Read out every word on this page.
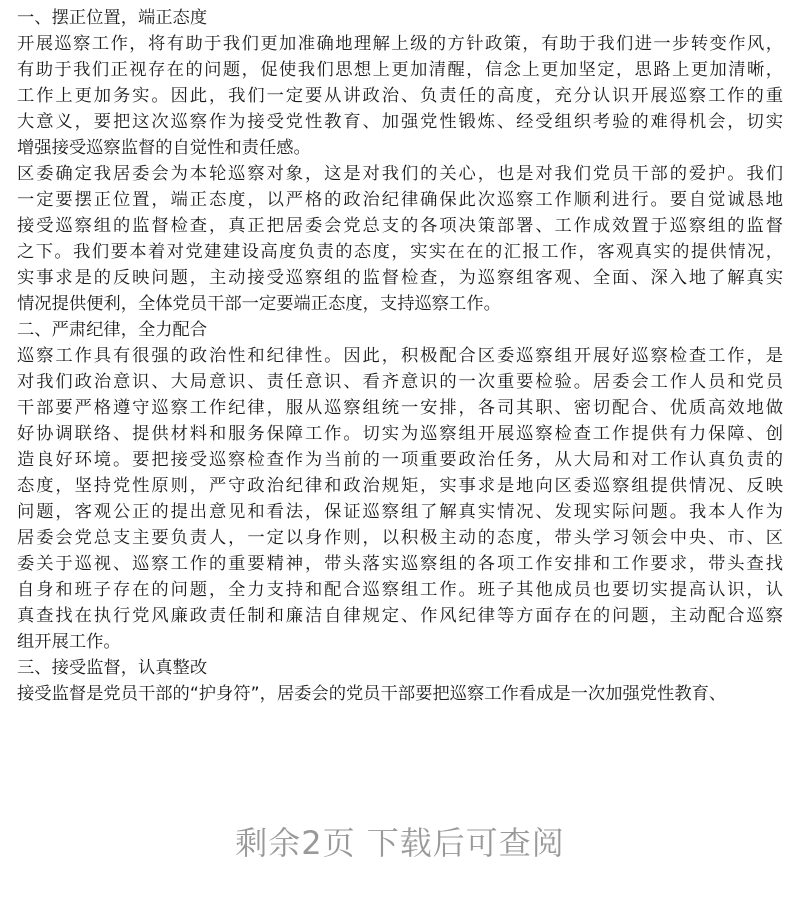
一、摆正位置，端正态度
开展巡察工作，将有助于我们更加准确地理解上级的方针政策，有助于我们进一步转变作风，
有助于我们正视存在的问题，促使我们思想上更加清醒，信念上更加坚定，思路上更加清晰，
工作上更加务实。因此，我们一定要从讲政治、负责任的高度，充分认识开展巡察工作的重
大意义，要把这次巡察作为接受党性教育、加强党性锻炼、经受组织考验的难得机会，切实
增强接受巡察监督的自觉性和责任感。
区委确定我居委会为本轮巡察对象，这是对我们的关心，也是对我们党员干部的爱护。我们
一定要摆正位置，端正态度，以严格的政治纪律确保此次巡察工作顺利进行。要自觉诚恳地
接受巡察组的监督检查，真正把居委会党总支的各项决策部署、工作成效置于巡察组的监督
之下。我们要本着对党建建设高度负责的态度，实实在在的汇报工作，客观真实的提供情况，
实事求是的反映问题，主动接受巡察组的监督检查，为巡察组客观、全面、深入地了解真实
情况提供便利，全体党员干部一定要端正态度，支持巡察工作。
二、严肃纪律，全力配合
巡察工作具有很强的政治性和纪律性。因此，积极配合区委巡察组开展好巡察检查工作，是
对我们政治意识、大局意识、责任意识、看齐意识的一次重要检验。居委会工作人员和党员
干部要严格遵守巡察工作纪律，服从巡察组统一安排，各司其职、密切配合、优质高效地做
好协调联络、提供材料和服务保障工作。切实为巡察组开展巡察检查工作提供有力保障、创
造良好环境。要把接受巡察检查作为当前的一项重要政治任务，从大局和对工作认真负责的
态度，坚持党性原则，严守政治纪律和政治规矩，实事求是地向区委巡察组提供情况、反映
问题，客观公正的提出意见和看法，保证巡察组了解真实情况、发现实际问题。我本人作为
居委会党总支主要负责人，一定以身作则，以积极主动的态度，带头学习领会中央、市、区
委关于巡视、巡察工作的重要精神，带头落实巡察组的各项工作安排和工作要求，带头查找
自身和班子存在的问题，全力支持和配合巡察组工作。班子其他成员也要切实提高认识，认
真查找在执行党风廉政责任制和廉洁自律规定、作风纪律等方面存在的问题，主动配合巡察
组开展工作。
三、接受监督，认真整改
接受监督是党员干部的“护身符”，居委会的党员干部要把巡察工作看成是一次加强党性教育、
剩余2页 下载后可查阅
